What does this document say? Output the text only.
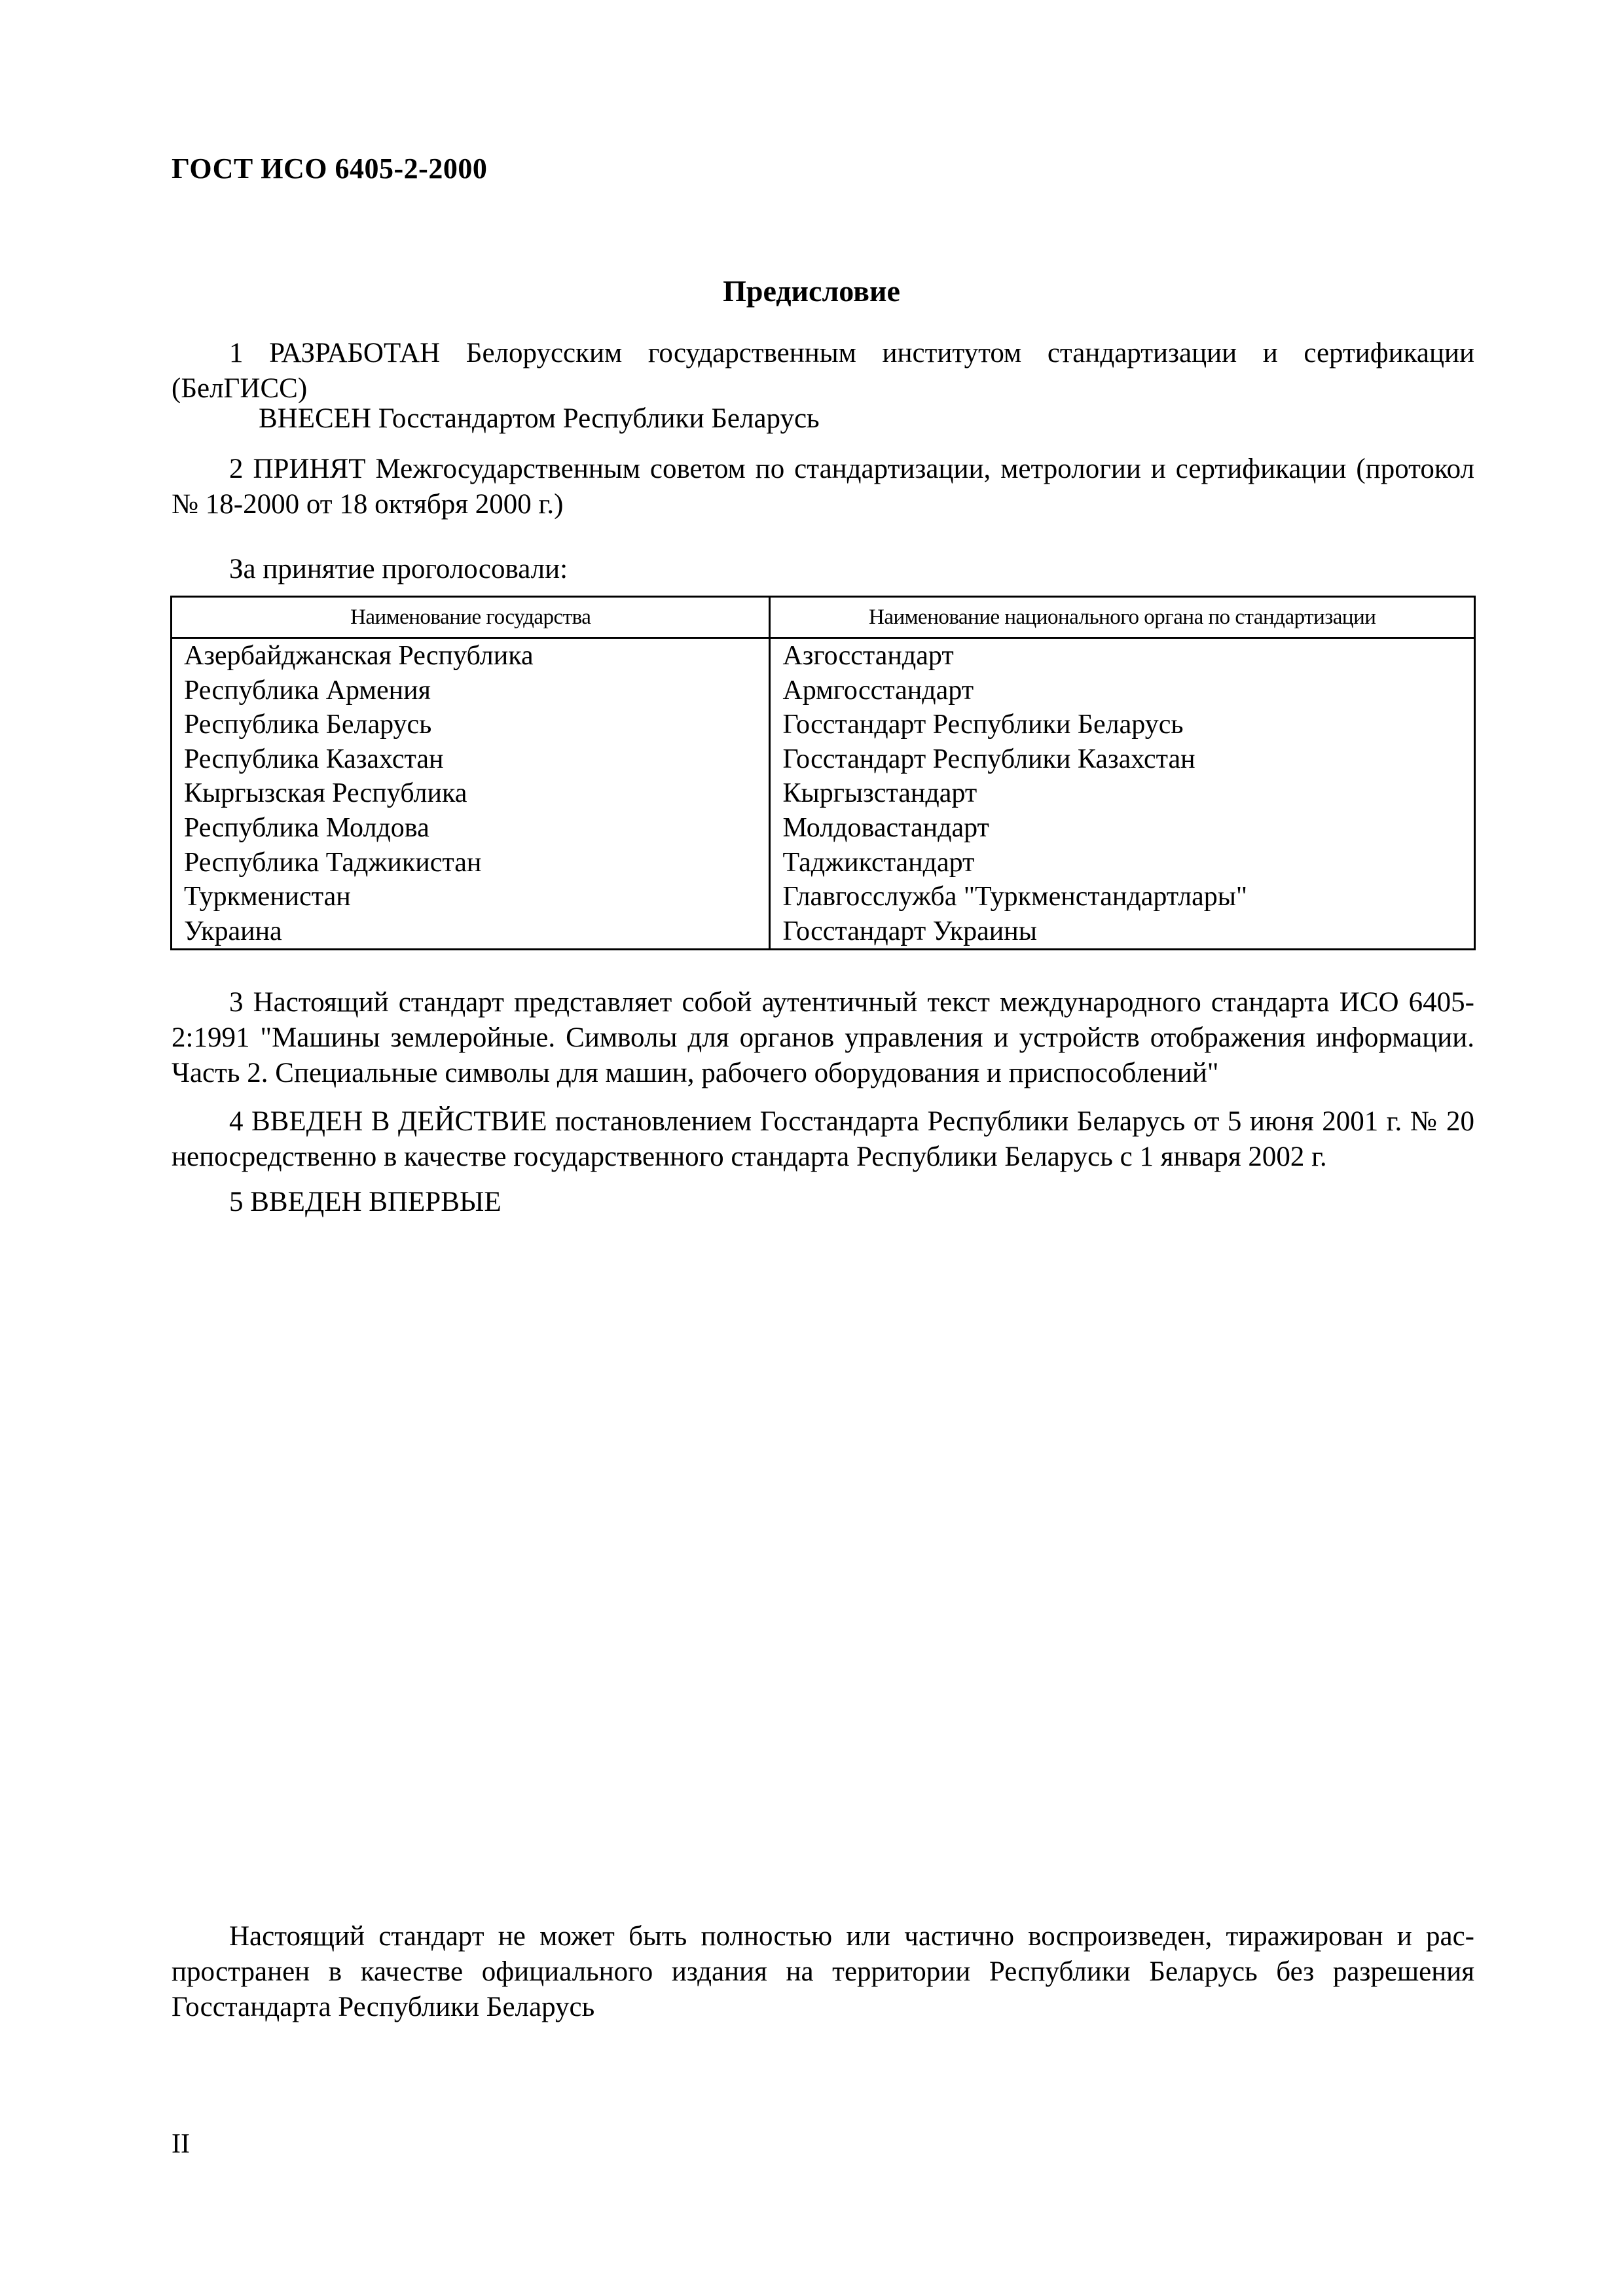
ГОСТ ИСО 6405-2-2000
Предисловие
1 РАЗРАБОТАН Белорусским государственным институтом стандартизации и сертификации (БелГИСС)
ВНЕСЕН Госстандартом Республики Беларусь
2 ПРИНЯТ Межгосударственным советом по стандартизации, метрологии и сертификации (протокол № 18-2000 от 18 октября 2000 г.)
За принятие проголосовали:
Наименование государства	Наименование национального органа по стандартизации
Азербайджанская Республика	Азгосстандарт
Республика Армения	Армгосстандарт
Республика Беларусь	Госстандарт Республики Беларусь
Республика Казахстан	Госстандарт Республики Казахстан
Кыргызская Республика	Кыргызстандарт
Республика Молдова	Молдовастандарт
Республика Таджикистан	Таджикстандарт
Туркменистан	Главгосслужба "Туркменстандартлары"
Украина	Госстандарт Украины
3 Настоящий стандарт представляет собой аутентичный текст международного стандарта ИСО 6405-2:1991 "Машины землеройные. Символы для органов управления и устройств отображения информации. Часть 2. Специальные символы для машин, рабочего оборудования и приспособлений"
4 ВВЕДЕН В ДЕЙСТВИЕ постановлением Госстандарта Республики Беларусь от 5 июня 2001 г. № 20 непосредственно в качестве государственного стандарта Республики Беларусь с 1 января 2002 г.
5 ВВЕДЕН ВПЕРВЫЕ
Настоящий стандарт не может быть полностью или частично воспроизведен, тиражирован и рас-пространен в качестве официального издания на территории Республики Беларусь без разрешения Госстандарта Республики Беларусь
II
